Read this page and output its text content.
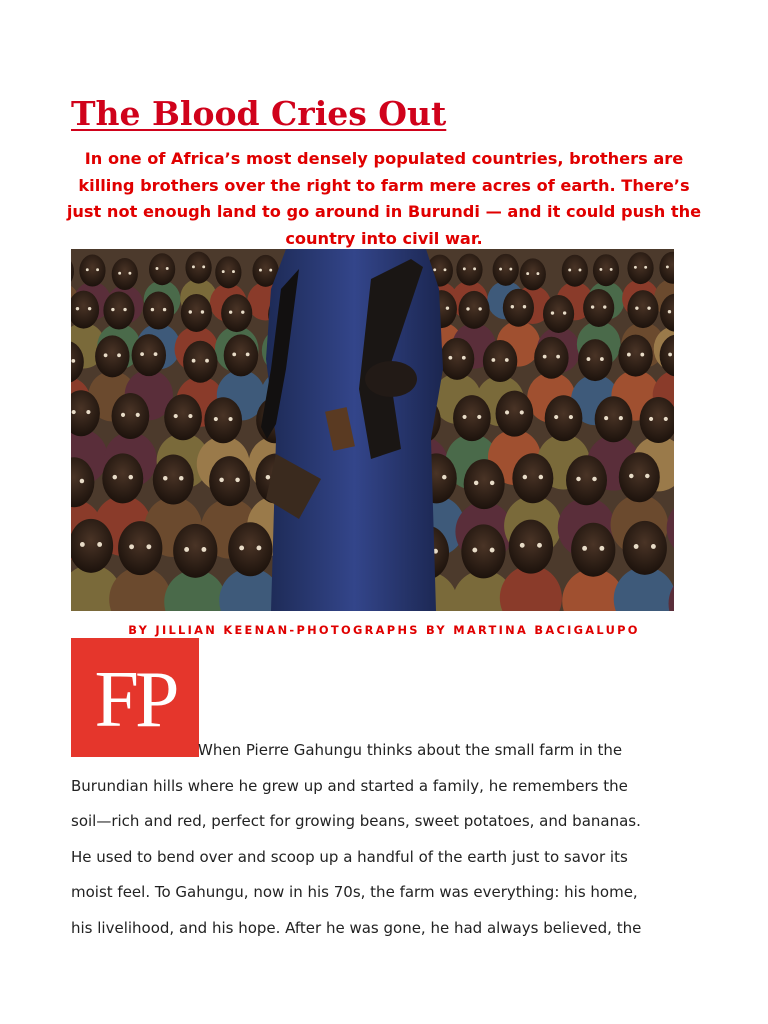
The Blood Cries Out

In one of Africa’s most densely populated countries, brothers are killing brothers over the right to farm mere acres of earth. There’s just not enough land to go around in Burundi — and it could push the country into civil war.

BY JILLIAN KEENAN-PHOTOGRAPHS BY MARTINA BACIGALUPO

FP
When Pierre Gahungu thinks about the small farm in the
Burundian hills where he grew up and started a family, he remembers the
soil—rich and red, perfect for growing beans, sweet potatoes, and bananas.
He used to bend over and scoop up a handful of the earth just to savor its
moist feel. To Gahungu, now in his 70s, the farm was everything: his home,
his livelihood, and his hope. After he was gone, he had always believed, the
